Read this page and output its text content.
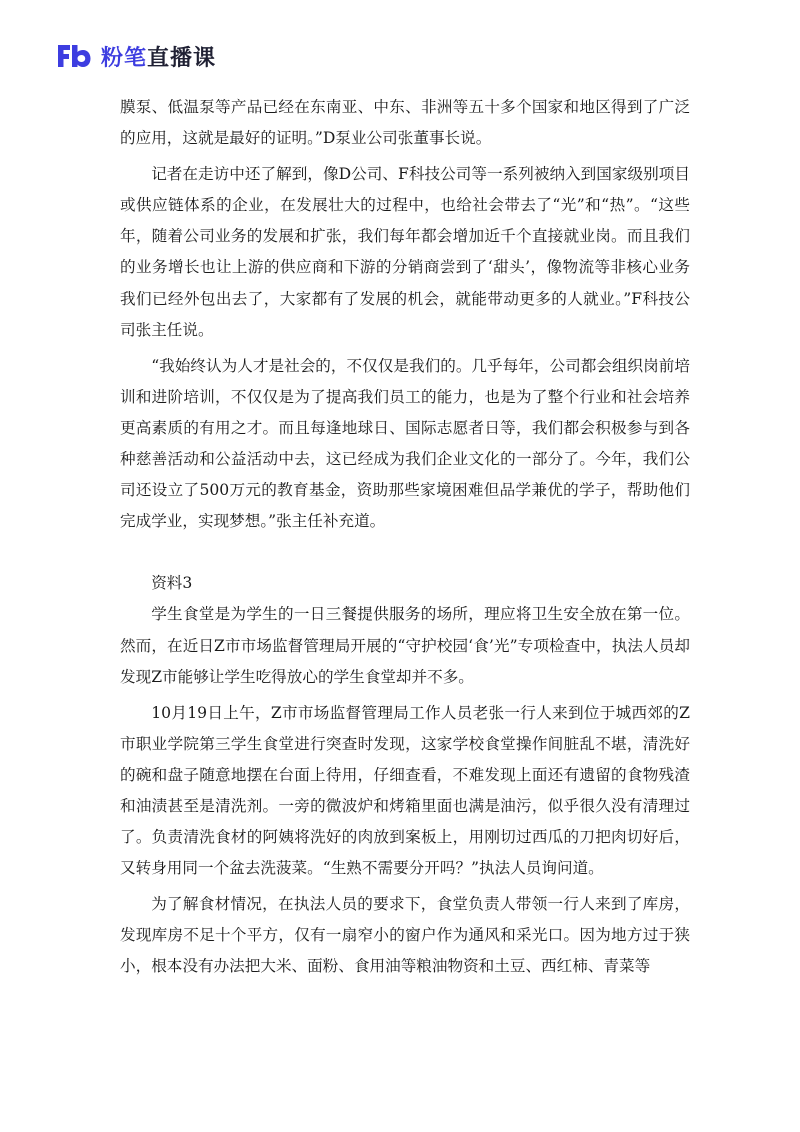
粉笔直播课

膜泵、低温泵等产品已经在东南亚、中东、非洲等五十多个国家和地区得到了广泛的应用，这就是最好的证明。”D泵业公司张董事长说。

记者在走访中还了解到，像D公司、F科技公司等一系列被纳入到国家级别项目或供应链体系的企业，在发展壮大的过程中，也给社会带去了“光”和“热”。“这些年，随着公司业务的发展和扩张，我们每年都会增加近千个直接就业岗。而且我们的业务增长也让上游的供应商和下游的分销商尝到了‘甜头’，像物流等非核心业务我们已经外包出去了，大家都有了发展的机会，就能带动更多的人就业。”F科技公司张主任说。

“我始终认为人才是社会的，不仅仅是我们的。几乎每年，公司都会组织岗前培训和进阶培训，不仅仅是为了提高我们员工的能力，也是为了整个行业和社会培养更高素质的有用之才。而且每逢地球日、国际志愿者日等，我们都会积极参与到各种慈善活动和公益活动中去，这已经成为我们企业文化的一部分了。今年，我们公司还设立了500万元的教育基金，资助那些家境困难但品学兼优的学子，帮助他们完成学业，实现梦想。”张主任补充道。

资料3

学生食堂是为学生的一日三餐提供服务的场所，理应将卫生安全放在第一位。然而，在近日Z市市场监督管理局开展的“守护校园‘食’光”专项检查中，执法人员却发现Z市能够让学生吃得放心的学生食堂却并不多。

10月19日上午，Z市市场监督管理局工作人员老张一行人来到位于城西郊的Z市职业学院第三学生食堂进行突查时发现，这家学校食堂操作间脏乱不堪，清洗好的碗和盘子随意地摆在台面上待用，仔细查看，不难发现上面还有遗留的食物残渣和油渍甚至是清洗剂。一旁的微波炉和烤箱里面也满是油污，似乎很久没有清理过了。负责清洗食材的阿姨将洗好的肉放到案板上，用刚切过西瓜的刀把肉切好后，又转身用同一个盆去洗菠菜。“生熟不需要分开吗？”执法人员询问道。

为了解食材情况，在执法人员的要求下，食堂负责人带领一行人来到了库房，发现库房不足十个平方，仅有一扇窄小的窗户作为通风和采光口。因为地方过于狭小，根本没有办法把大米、面粉、食用油等粮油物资和土豆、西红柿、青菜等
